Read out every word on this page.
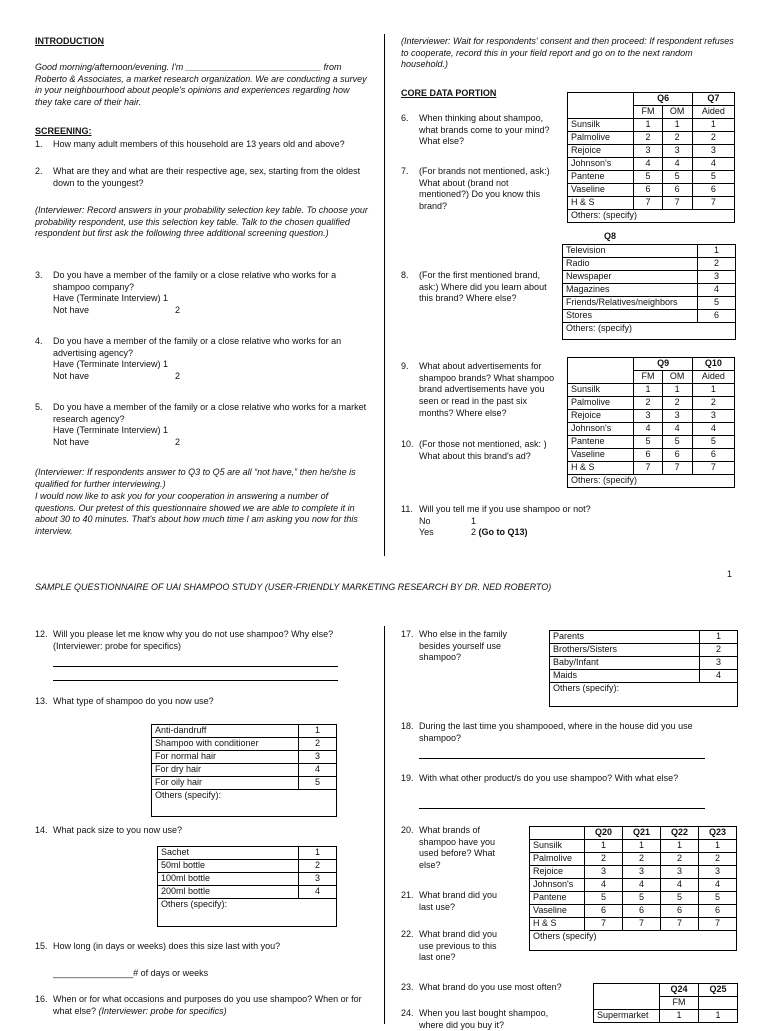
INTRODUCTION
Good morning/afternoon/evening. I'm ___________________________ from Roberto & Associates, a market research organization. We are conducting a survey in your neighbourhood about people's opinions and experiences regarding how they take care of their hair.
SCREENING:
1.	How many adult members of this household are 13 years old and above?
2.	What are they and what are their respective age, sex, starting from the oldest down to the youngest?
(Interviewer: Record answers in your probability selection key table. To choose your probability respondent, use this selection key table. Talk to the chosen qualified respondent but first ask the following three additional screening question.)
3.	Do you have a member of the family or a close relative who works for a shampoo company?
Have (Terminate Interview) 1
Not have	2
4.	Do you have a member of the family or a close relative who works for an advertising agency?
Have (Terminate Interview) 1
Not have	2
5.	Do you have a member of the family or a close relative who works for a market research agency?
Have (Terminate Interview) 1
Not have	2
(Interviewer: If respondents answer to Q3 to Q5 are all “not have,” then he/she is qualified for further interviewing.)
I would now like to ask you for your cooperation in answering a number of questions. Our pretest of this questionnaire showed we are able to complete it in about 30 to 40 minutes. That's about how much time I am asking you now for this interview.
(Interviewer: Wait for respondents' consent and then proceed: If respondent refuses to cooperate, record this in your field report and go on to the next random household.)
CORE DATA PORTION
6.	When thinking about shampoo, what brands come to your mind? What else?
7.	(For brands not mentioned, ask:)
What about (brand not mentioned?) Do you know this brand?
	Q6		Q7
	FM	OM	Aided
Sunsilk	1	1	1
Palmolive	2	2	2
Rejoice	3	3	3
Johnson's	4	4	4
Pantene	5	5	5
Vaseline	6	6	6
H & S	7	7	7
Others: (specify)			
Q8
Television	1
Radio	2
Newspaper	3
Magazines	4
Friends/Relatives/neighbors	5
Stores	6
Others: (specify)	
8.	(For the first mentioned brand, ask:) Where did you learn about this brand? Where else?
9.	What about advertisements for shampoo brands? What shampoo brand advertisements have you seen or read in the past six months? Where else?
10. (For those not mentioned, ask: ) What about this brand's ad?
	Q9		Q10
	FM	OM	Aided
Sunsilk	1	1	1
Palmolive	2	2	2
Rejoice	3	3	3
Johnson's	4	4	4
Pantene	5	5	5
Vaseline	6	6	6
H & S	7	7	7
Others: (specify)			
11. Will you tell me if you use shampoo or not?
No	1
Yes	2 (Go to Q13)
SAMPLE QUESTIONNAIRE OF UAI SHAMPOO STUDY (USER-FRIENDLY MARKETING RESEARCH BY DR. NED ROBERTO)
1
12. Will you please let me know why you do not use shampoo? Why else? (Interviewer: probe for specifics)
13. What type of shampoo do you now use?
Anti-dandruff	1
Shampoo with conditioner	2
For normal hair	3
For dry hair	4
For oily hair	5
Others (specify):	
14. What pack size to you now use?
Sachet	1
50ml bottle	2
100ml bottle	3
200ml bottle	4
Others (specify):	
15. How long (in days or weeks) does this size last with you?
________________# of days or weeks
16. When or for what occasions and purposes do you use shampoo? When or for what else? (Interviewer: probe for specifics)
17. Who else in the family besides yourself use shampoo?
Parents	1
Brothers/Sisters	2
Baby/Infant	3
Maids	4
Others (specify):	
18. During the last time you shampooed, where in the house did you use shampoo?
19. With what other product/s do you use shampoo? With what else?
20. What brands of shampoo have you used before? What else?
21. What brand did you last use?
22. What brand did you use previous to this last one?
	Q20	Q21	Q22	Q23
Sunsilk	1	1	1	1
Palmolive	2	2	2	2
Rejoice	3	3	3	3
Johnson's	4	4	4	4
Pantene	5	5	5	5
Vaseline	6	6	6	6
H & S	7	7	7	7
Others (specify)				
23. What brand do you use most often?
24. When you last bought shampoo, where did you buy it?
	Q24	Q25
	FM	
Supermarket	1	1
